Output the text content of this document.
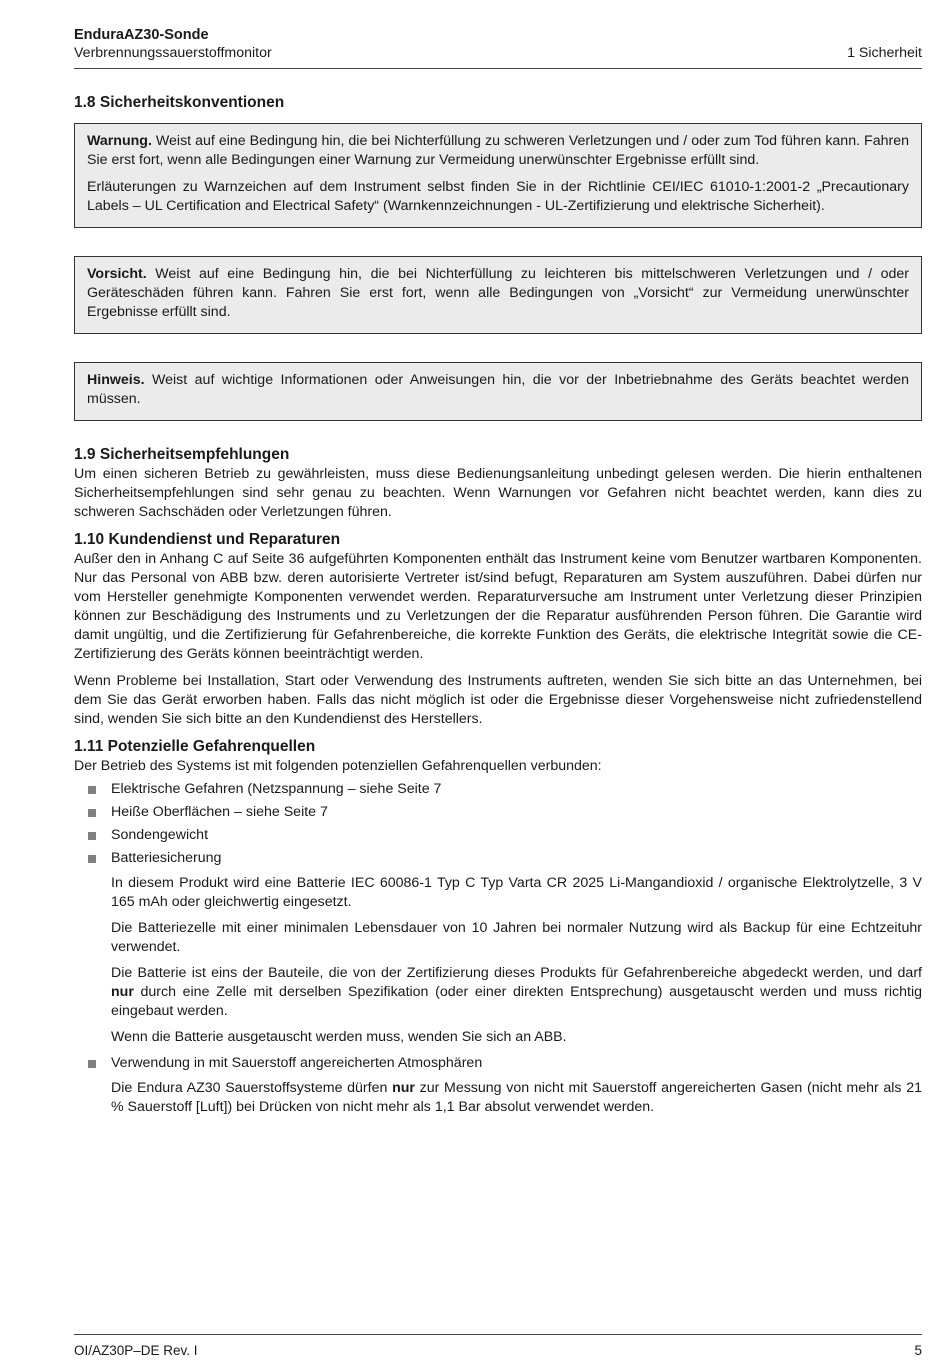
EnduraAZ30-Sonde
Verbrennungssauerstoffmonitor	1 Sicherheit
1.8 Sicherheitskonventionen

Warnung. Weist auf eine Bedingung hin, die bei Nichterfüllung zu schweren Verletzungen und / oder zum Tod führen kann. Fahren Sie erst fort, wenn alle Bedingungen einer Warnung zur Vermeidung unerwünschter Ergebnisse erfüllt sind.

Erläuterungen zu Warnzeichen auf dem Instrument selbst finden Sie in der Richtlinie CEI/IEC 61010-1:2001-2 „Precautionary Labels – UL Certification and Electrical Safety“ (Warnkennzeichnungen - UL-Zertifizierung und elektrische Sicherheit).

Vorsicht. Weist auf eine Bedingung hin, die bei Nichterfüllung zu leichteren bis mittelschweren Verletzungen und / oder Geräteschäden führen kann. Fahren Sie erst fort, wenn alle Bedingungen von „Vorsicht“ zur Vermeidung unerwünschter Ergebnisse erfüllt sind.

Hinweis. Weist auf wichtige Informationen oder Anweisungen hin, die vor der Inbetriebnahme des Geräts beachtet werden müssen.

1.9 Sicherheitsempfehlungen

Um einen sicheren Betrieb zu gewährleisten, muss diese Bedienungsanleitung unbedingt gelesen werden. Die hierin enthaltenen Sicherheitsempfehlungen sind sehr genau zu beachten. Wenn Warnungen vor Gefahren nicht beachtet werden, kann dies zu schweren Sachschäden oder Verletzungen führen.

1.10 Kundendienst und Reparaturen

Außer den in Anhang C auf Seite 36 aufgeführten Komponenten enthält das Instrument keine vom Benutzer wartbaren Komponenten. Nur das Personal von ABB bzw. deren autorisierte Vertreter ist/sind befugt, Reparaturen am System auszuführen. Dabei dürfen nur vom Hersteller genehmigte Komponenten verwendet werden. Reparaturversuche am Instrument unter Verletzung dieser Prinzipien können zur Beschädigung des Instruments und zu Verletzungen der die Reparatur ausführenden Person führen. Die Garantie wird damit ungültig, und die Zertifizierung für Gefahrenbereiche, die korrekte Funktion des Geräts, die elektrische Integrität sowie die CE-Zertifizierung des Geräts können beeinträchtigt werden.

Wenn Probleme bei Installation, Start oder Verwendung des Instruments auftreten, wenden Sie sich bitte an das Unternehmen, bei dem Sie das Gerät erworben haben. Falls das nicht möglich ist oder die Ergebnisse dieser Vorgehensweise nicht zufriedenstellend sind, wenden Sie sich bitte an den Kundendienst des Herstellers.

1.11 Potenzielle Gefahrenquellen

Der Betrieb des Systems ist mit folgenden potenziellen Gefahrenquellen verbunden:

Elektrische Gefahren (Netzspannung – siehe Seite 7
Heiße Oberflächen – siehe Seite 7
Sondengewicht
Batteriesicherung

In diesem Produkt wird eine Batterie IEC 60086-1 Typ C Typ Varta CR 2025 Li-Mangandioxid / organische Elektrolytzelle, 3 V 165 mAh oder gleichwertig eingesetzt.

Die Batteriezelle mit einer minimalen Lebensdauer von 10 Jahren bei normaler Nutzung wird als Backup für eine Echtzeituhr verwendet.

Die Batterie ist eins der Bauteile, die von der Zertifizierung dieses Produkts für Gefahrenbereiche abgedeckt werden, und darf nur durch eine Zelle mit derselben Spezifikation (oder einer direkten Entsprechung) ausgetauscht werden und muss richtig eingebaut werden.

Wenn die Batterie ausgetauscht werden muss, wenden Sie sich an ABB.

Verwendung in mit Sauerstoff angereicherten Atmosphären

Die Endura AZ30 Sauerstoffsysteme dürfen nur zur Messung von nicht mit Sauerstoff angereicherten Gasen (nicht mehr als 21 % Sauerstoff [Luft]) bei Drücken von nicht mehr als 1,1 Bar absolut verwendet werden.

OI/AZ30P–DE Rev. I	5
